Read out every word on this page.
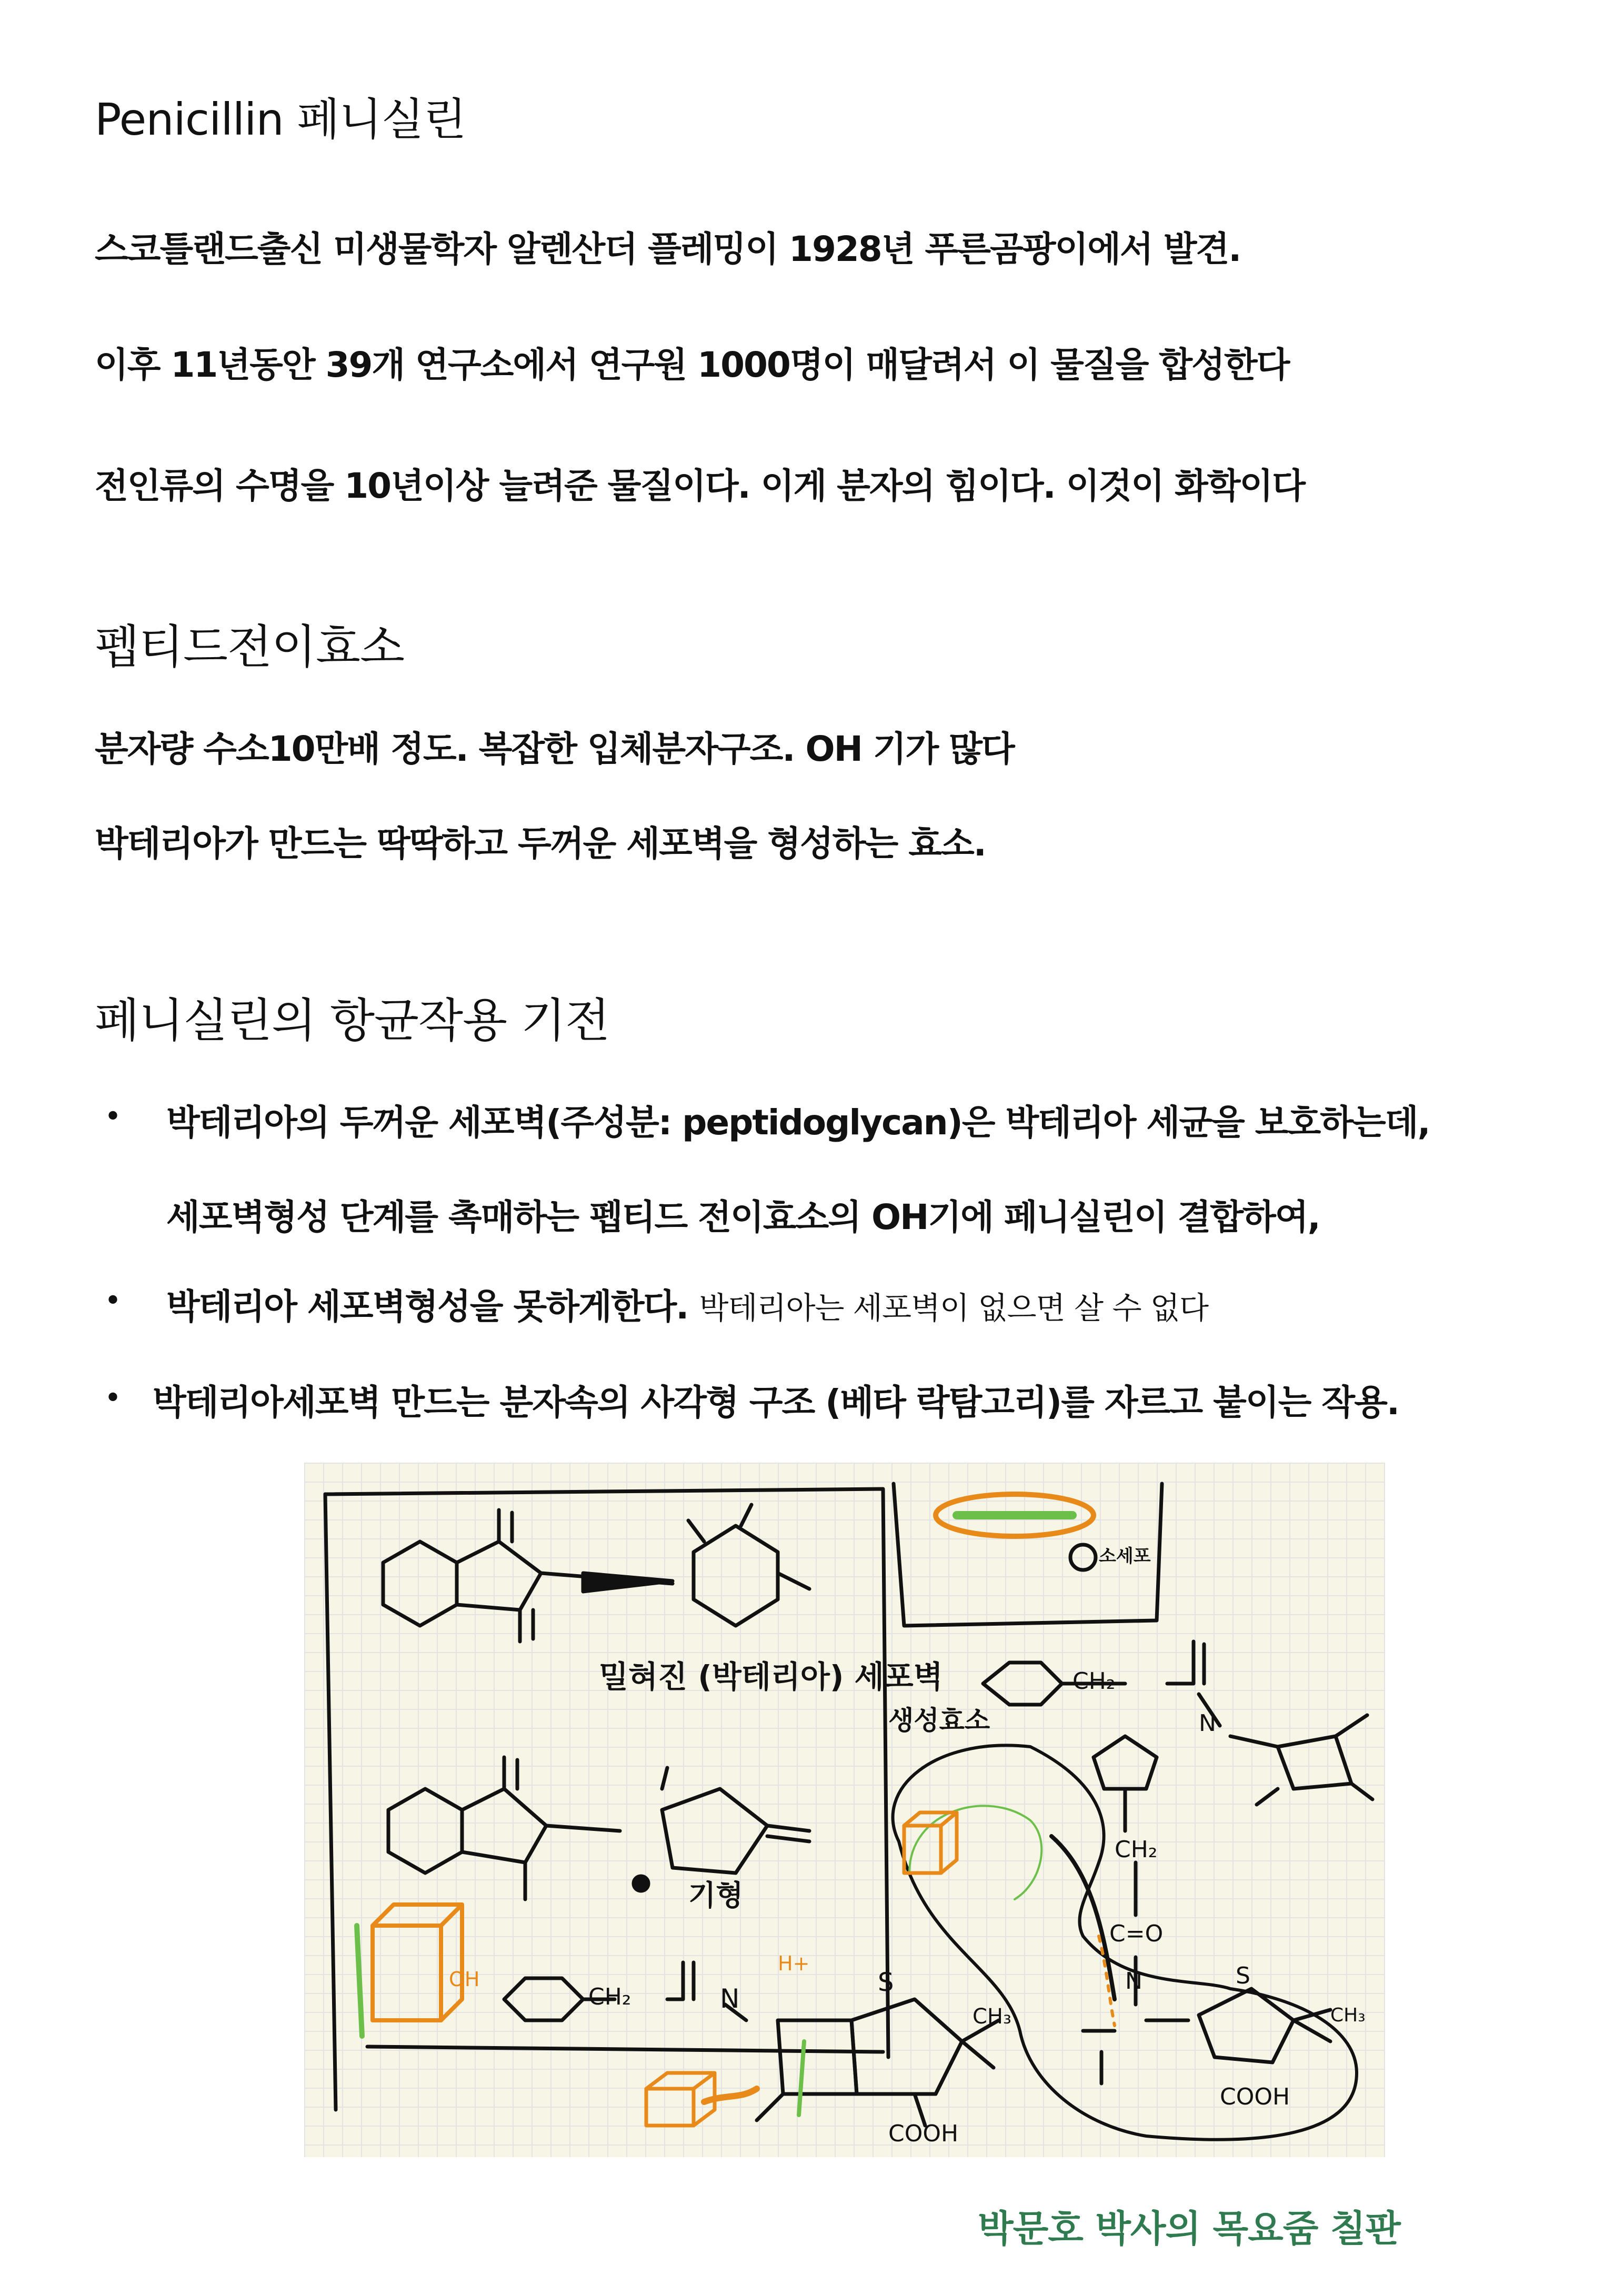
Penicillin 페니실린
스코틀랜드출신 미생물학자 알렌산더 플레밍이 1928년 푸른곰팡이에서 발견.
이후 11년동안 39개 연구소에서 연구원 1000명이 매달려서 이 물질을 합성한다
전인류의 수명을 10년이상 늘려준 물질이다. 이게 분자의 힘이다. 이것이 화학이다
펩티드전이효소
분자량 수소10만배 정도. 복잡한 입체분자구조. OH 기가 많다
박테리아가 만드는 딱딱하고 두꺼운 세포벽을 형성하는 효소.
페니실린의 항균작용 기전
• 박테리아의 두꺼운 세포벽(주성분: peptidoglycan)은 박테리아 세균을 보호하는데,
세포벽형성 단계를 촉매하는 펩티드 전이효소의 OH기에 페니실린이 결합하여,
• 박테리아 세포벽형성을 못하게한다. 박테리아는 세포벽이 없으면 살 수 없다
• 박테리아세포벽 만드는 분자속의 사각형 구조 (베타 락탐고리)를 자르고 붙이는 작용.
밀혀진 (박테리아) 세포벽
생성효소
기형
소세포
CH₂
N
CH₂
C=O
N	S
CH₃
COOH
OH
CH₂	N
H+
S
CH₃
COOH
박문호 박사의 목요줌 칠판
